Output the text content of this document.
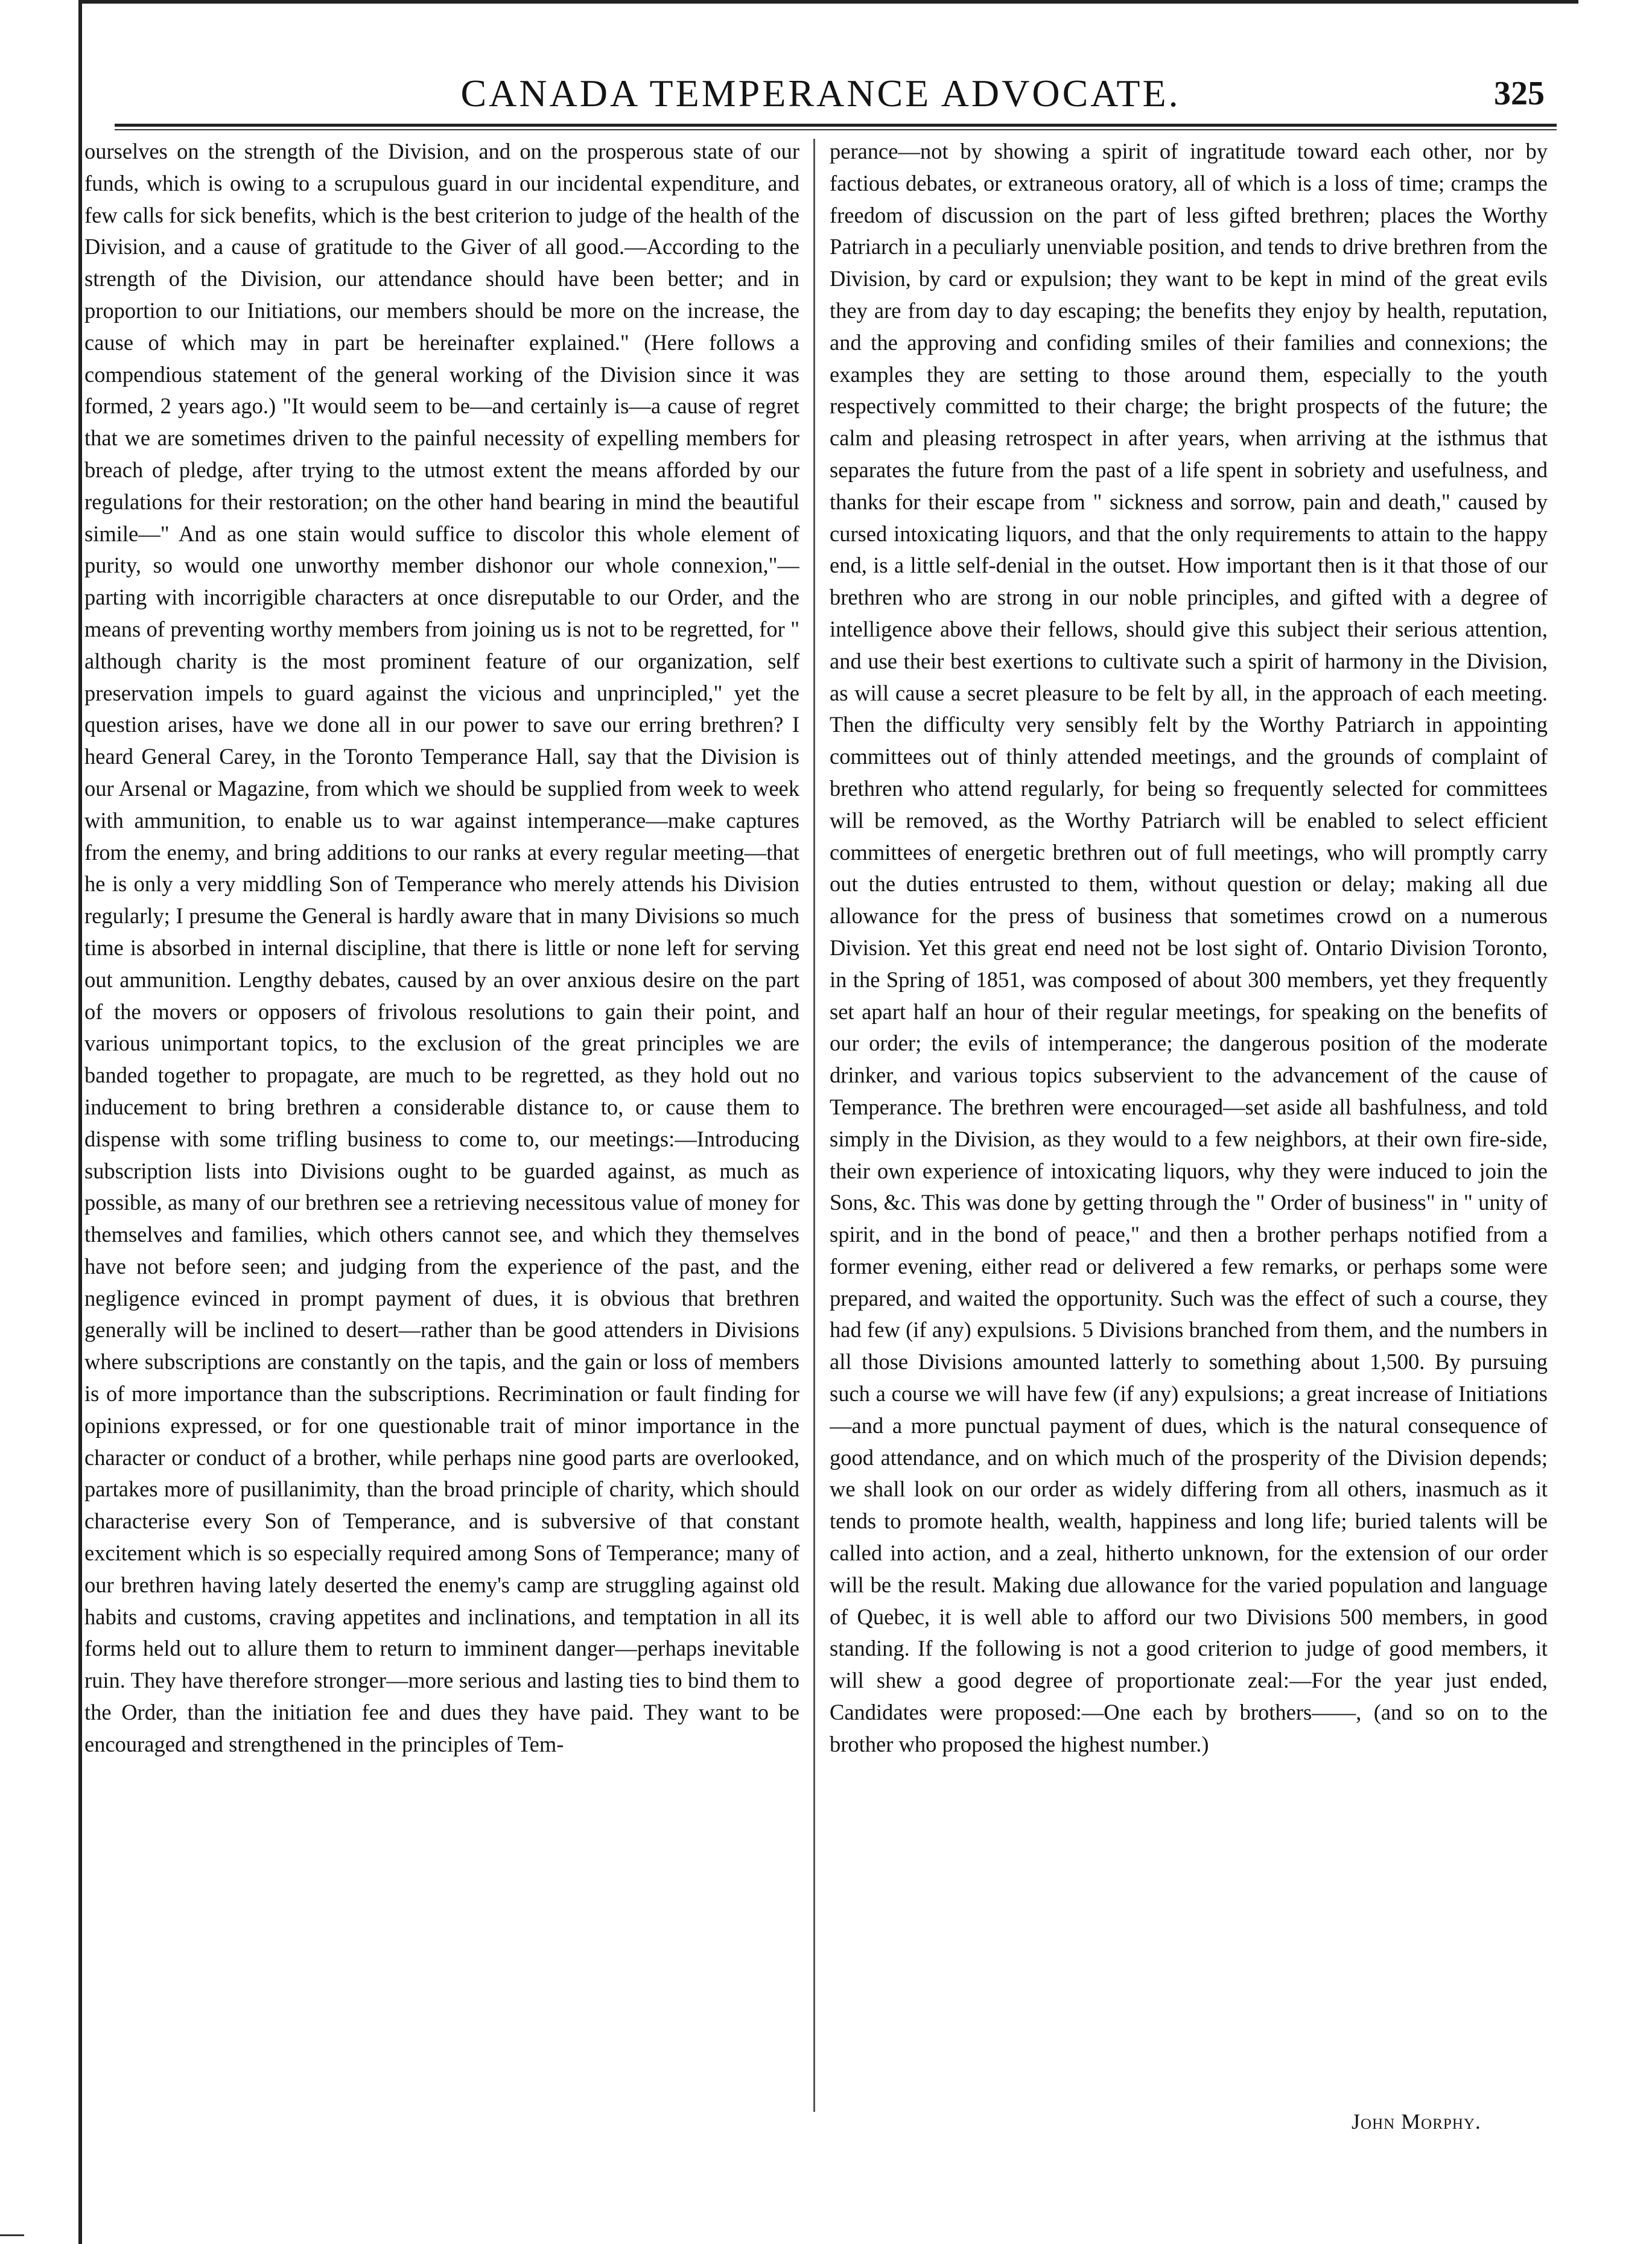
CANADA TEMPERANCE ADVOCATE.	325

ourselves on the strength of the Division, and on the prosperous state of our funds, which is owing to a scrupulous guard in our incidental expenditure, and few calls for sick benefits, which is the best criterion to judge of the health of the Division, and a cause of gratitude to the Giver of all good.—According to the strength of the Division, our attendance should have been better; and in proportion to our Initiations, our members should be more on the increase, the cause of which may in part be hereinafter explained." (Here follows a compendious statement of the general working of the Division since it was formed, 2 years ago.) "It would seem to be—and certainly is—a cause of regret that we are sometimes driven to the painful necessity of expelling members for breach of pledge, after trying to the utmost extent the means afforded by our regulations for their restoration; on the other hand bearing in mind the beautiful simile—" And as one stain would suffice to discolor this whole element of purity, so would one unworthy member dishonor our whole connexion,"—parting with incorrigible characters at once disreputable to our Order, and the means of preventing worthy members from joining us is not to be regretted, for " although charity is the most prominent feature of our organization, self preservation impels to guard against the vicious and unprincipled," yet the question arises, have we done all in our power to save our erring brethren? I heard General Carey, in the Toronto Temperance Hall, say that the Division is our Arsenal or Magazine, from which we should be supplied from week to week with ammunition, to enable us to war against intemperance—make captures from the enemy, and bring additions to our ranks at every regular meeting—that he is only a very middling Son of Temperance who merely attends his Division regularly; I presume the General is hardly aware that in many Divisions so much time is absorbed in internal discipline, that there is little or none left for serving out ammunition. Lengthy debates, caused by an over anxious desire on the part of the movers or opposers of frivolous resolutions to gain their point, and various unimportant topics, to the exclusion of the great principles we are banded together to propagate, are much to be regretted, as they hold out no inducement to bring brethren a considerable distance to, or cause them to dispense with some trifling business to come to, our meetings:—Introducing subscription lists into Divisions ought to be guarded against, as much as possible, as many of our brethren see a retrieving necessitous value of money for themselves and families, which others cannot see, and which they themselves have not before seen; and judging from the experience of the past, and the negligence evinced in prompt payment of dues, it is obvious that brethren generally will be inclined to desert—rather than be good attenders in Divisions where subscriptions are constantly on the tapis, and the gain or loss of members is of more importance than the subscriptions. Recrimination or fault finding for opinions expressed, or for one questionable trait of minor importance in the character or conduct of a brother, while perhaps nine good parts are overlooked, partakes more of pusillanimity, than the broad principle of charity, which should characterise every Son of Temperance, and is subversive of that constant excitement which is so especially required among Sons of Temperance; many of our brethren having lately deserted the enemy's camp are struggling against old habits and customs, craving appetites and inclinations, and temptation in all its forms held out to allure them to return to imminent danger—perhaps inevitable ruin. They have therefore stronger—more serious and lasting ties to bind them to the Order, than the initiation fee and dues they have paid. They want to be encouraged and strengthened in the principles of Tem-

perance—not by showing a spirit of ingratitude toward each other, nor by factious debates, or extraneous oratory, all of which is a loss of time; cramps the freedom of discussion on the part of less gifted brethren; places the Worthy Patriarch in a peculiarly unenviable position, and tends to drive brethren from the Division, by card or expulsion; they want to be kept in mind of the great evils they are from day to day escaping; the benefits they enjoy by health, reputation, and the approving and confiding smiles of their families and connexions; the examples they are setting to those around them, especially to the youth respectively committed to their charge; the bright prospects of the future; the calm and pleasing retrospect in after years, when arriving at the isthmus that separates the future from the past of a life spent in sobriety and usefulness, and thanks for their escape from " sickness and sorrow, pain and death," caused by cursed intoxicating liquors, and that the only requirements to attain to the happy end, is a little self-denial in the outset. How important then is it that those of our brethren who are strong in our noble principles, and gifted with a degree of intelligence above their fellows, should give this subject their serious attention, and use their best exertions to cultivate such a spirit of harmony in the Division, as will cause a secret pleasure to be felt by all, in the approach of each meeting. Then the difficulty very sensibly felt by the Worthy Patriarch in appointing committees out of thinly attended meetings, and the grounds of complaint of brethren who attend regularly, for being so frequently selected for committees will be removed, as the Worthy Patriarch will be enabled to select efficient committees of energetic brethren out of full meetings, who will promptly carry out the duties entrusted to them, without question or delay; making all due allowance for the press of business that sometimes crowd on a numerous Division. Yet this great end need not be lost sight of. Ontario Division Toronto, in the Spring of 1851, was composed of about 300 members, yet they frequently set apart half an hour of their regular meetings, for speaking on the benefits of our order; the evils of intemperance; the dangerous position of the moderate drinker, and various topics subservient to the advancement of the cause of Temperance. The brethren were encouraged—set aside all bashfulness, and told simply in the Division, as they would to a few neighbors, at their own fire-side, their own experience of intoxicating liquors, why they were induced to join the Sons, &c. This was done by getting through the " Order of business" in " unity of spirit, and in the bond of peace," and then a brother perhaps notified from a former evening, either read or delivered a few remarks, or perhaps some were prepared, and waited the opportunity. Such was the effect of such a course, they had few (if any) expulsions. 5 Divisions branched from them, and the numbers in all those Divisions amounted latterly to something about 1,500. By pursuing such a course we will have few (if any) expulsions; a great increase of Initiations—and a more punctual payment of dues, which is the natural consequence of good attendance, and on which much of the prosperity of the Division depends; we shall look on our order as widely differing from all others, inasmuch as it tends to promote health, wealth, happiness and long life; buried talents will be called into action, and a zeal, hitherto unknown, for the extension of our order will be the result. Making due allowance for the varied population and language of Quebec, it is well able to afford our two Divisions 500 members, in good standing. If the following is not a good criterion to judge of good members, it will shew a good degree of proportionate zeal:—For the year just ended, Candidates were proposed:—One each by brothers——, (and so on to the brother who proposed the highest number.)

John Morphy.
